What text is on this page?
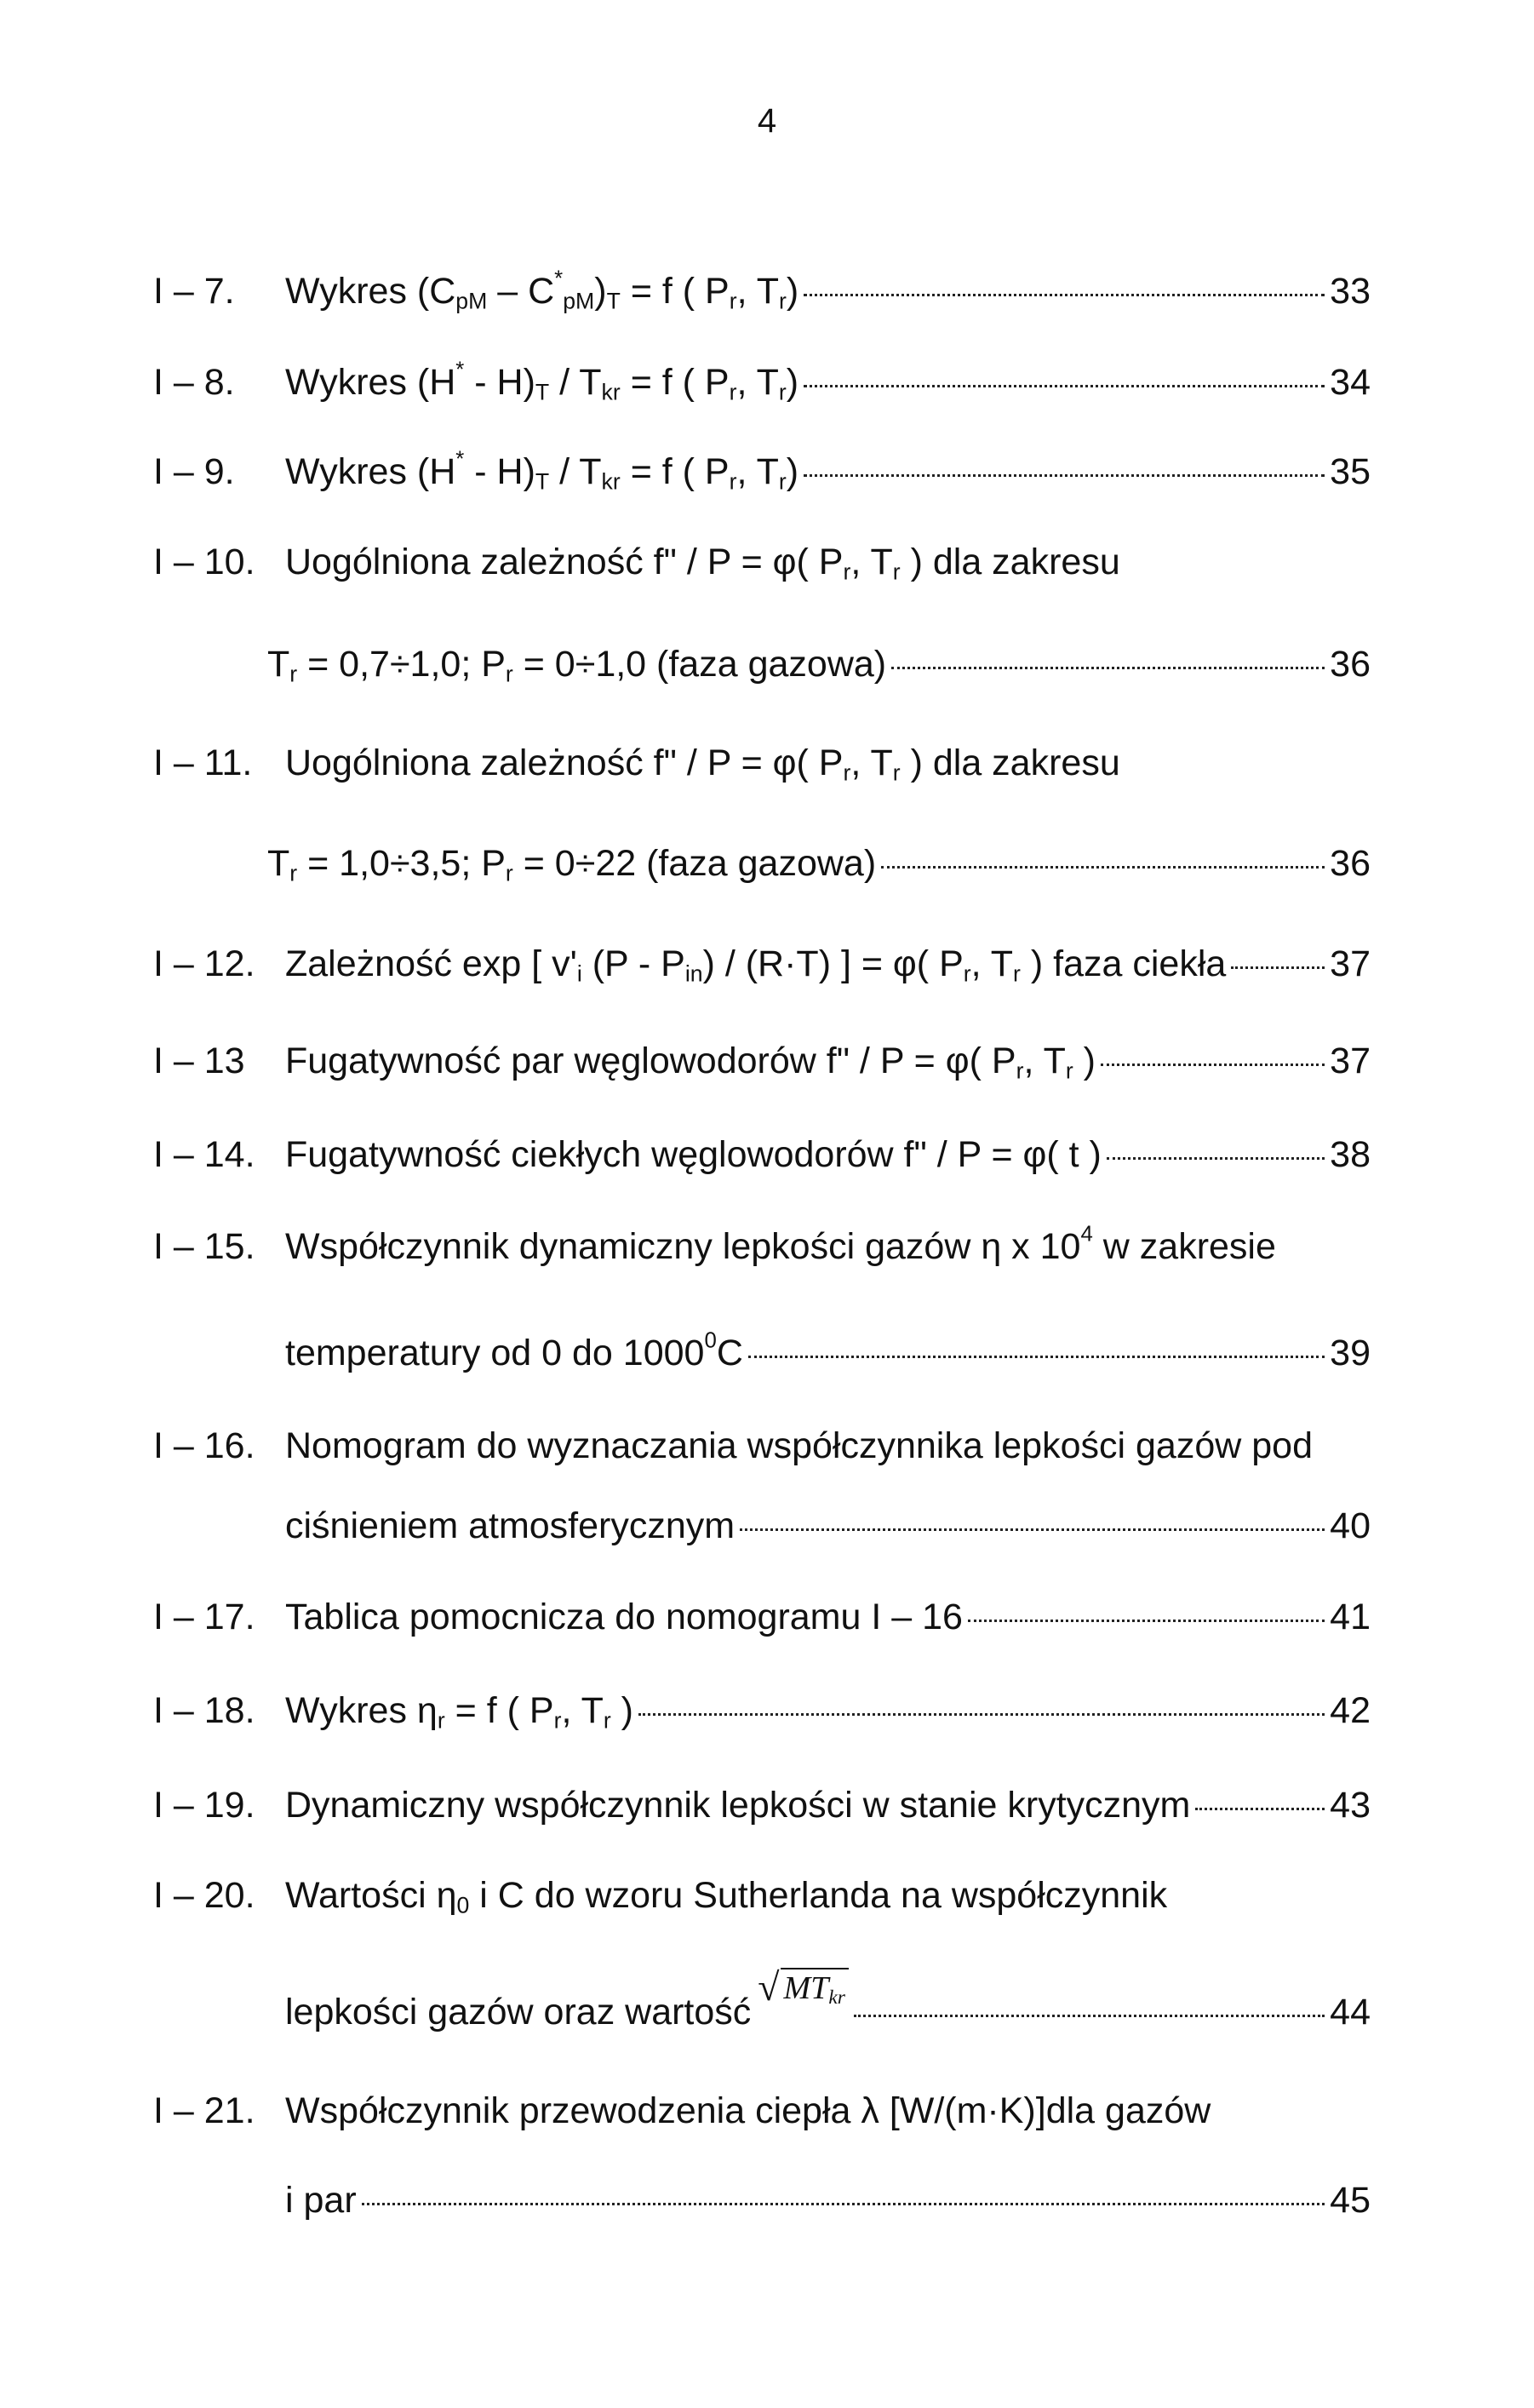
4
I – 7. Wykres $(C_{pM} - C^*_{pM})_T = f$ ( $P_r$, $T_r$)	33
I – 8. Wykres $(H^* - H)_T / T_{kr} = f$ ( $P_r$, $T_r$)	34
I – 9. Wykres $(H^* - H)_T / T_{kr} = f$ ( $P_r$, $T_r$)	35
I – 10. Uogólniona zależność f" / P = φ( $P_r$, $T_r$ ) dla zakresu
$T_r = 0,7\div 1,0$; $P_r = 0\div 1,0$ (faza gazowa)	36
I – 11. Uogólniona zależność f" / P = φ( $P_r$, $T_r$ ) dla zakresu
$T_r = 1,0\div 3,5$; $P_r = 0\div 22$ (faza gazowa)	36
I – 12. Zależność exp [ $v'_i$ $(P - P_{in}) / (R\cdot T)$ ] = φ( $P_r$, $T_r$ ) faza ciekła	37
I – 13 Fugatywność par węglowodorów f" / P = φ( $P_r$, $T_r$ )	37
I – 14. Fugatywność ciekłych węglowodorów f" / P = φ( t )	38
I – 15. Współczynnik dynamiczny lepkości gazów η x $10^4$ w zakresie
temperatury od 0 do 1000$^0$C	39
I – 16. Nomogram do wyznaczania współczynnika lepkości gazów pod
ciśnieniem atmosferycznym	40
I – 17. Tablica pomocnicza do nomogramu I – 16	41
I – 18. Wykres $\eta_r = f$ ( $P_r$, $T_r$ )	42
I – 19. Dynamiczny współczynnik lepkości w stanie krytycznym	43
I – 20. Wartości $\eta_0$ i C do wzoru Sutherlanda na współczynnik
lepkości gazów oraz wartość
√ $MT_{kr}$	44
I – 21. Współczynnik przewodzenia ciepła λ [W/(m·K)]dla gazów
i par	45
